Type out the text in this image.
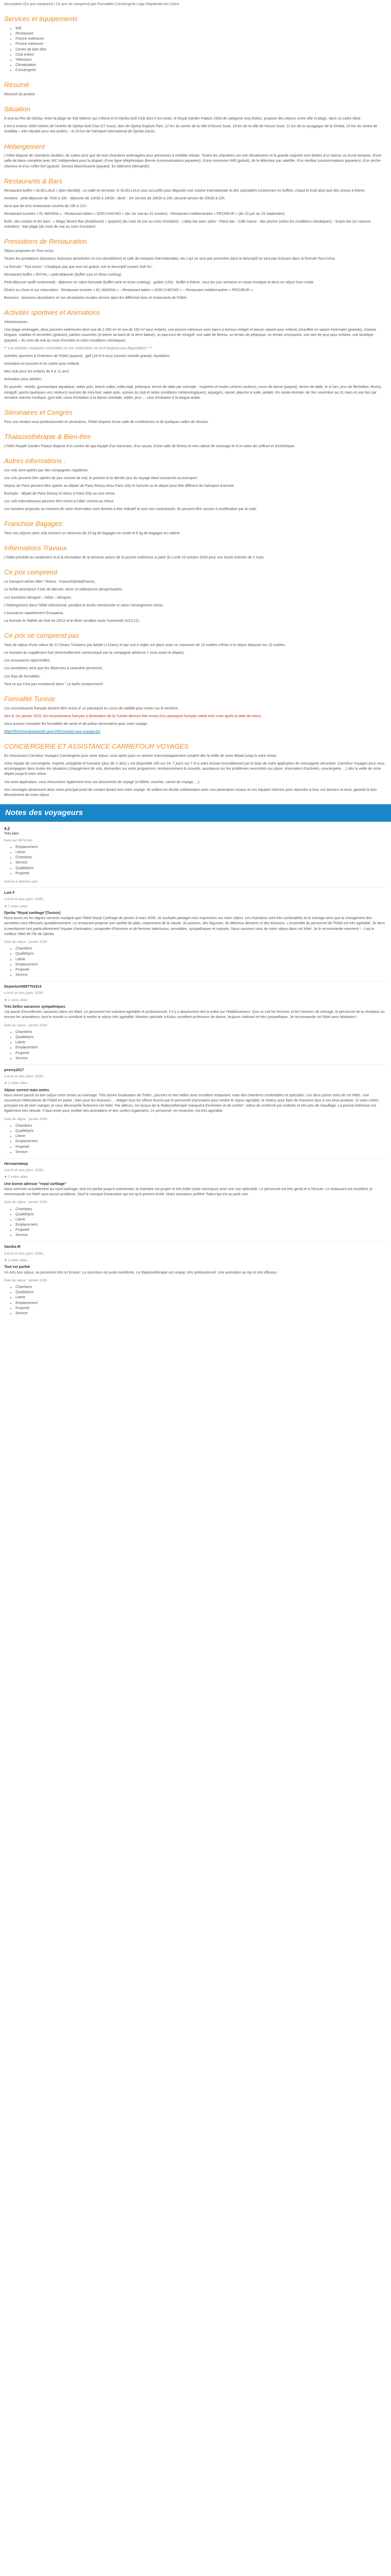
Description (Ce prix comprend / Ce prix ne comprend pas Formalités Conciergerie Loge Hispahotel Ain Client

Services et équipements
• Wifi
• Restaurant
• Piscine extérieure
• Piscine intérieure
• Centre de bien être
• Club enfant
• Télévision
• Climatisation
• Conciergerie
Résumé

Résumé du produit

Situation

À tout au Fès de Djerba, entre la plage de Sidi Mahrez qui s’étend et le Djerba Golf Club dont il est voisin, le Royal Garden Palace, hôtel de catégorie cinq étoiles, propose des séjours entre ville et plage, dans un cadre idéal.

Il est à environ 3000 mètres de l’entrée de Djerba Golf Club (27 trous), 3km de Djerba Explore Park, 12 km du centre de la ville d’Houmt Souk, 19 km de la ville de Houmt Souk, 21 km de la synagogue de la Ghriba, 24 km du centre de Guellala – très réputée pour ses potiers – et 29 km de l’aéroport international de Djerba-Zarzis.

Hébergement

L’hôtel dispose de chambres doubles, de suites ainsi que de trois chambres aménagées pour personnes à mobilité réduite. Toutes les chambres ont une climatisation et la grande majorité sont dotées d’un balcon ou d’une terrasse, d’une salle de bains complète avec WC indépendant pour la plupart, d’une ligne téléphonique directe (communications payantes), d’une connexion Wifi (gratuit), de la télévision par satellite, d’un minibar (consommations payantes), d’un sèche-cheveux et d’un coffre-fort (gratuit). Service blanchisserie (payant). En bâtiment (demande).

Restaurants & Bars

Restaurant buffet « OLIELLALA » (bien familial) : un salle en terrasse, le OLIELLALA vous accueille pour déguster une cuisine internationale et des spécialités tunisiennes en buffets, chaud et froid ainsi que des shows à thème.

Horaires : petit-déjeuner de 7h30 à 10h - déjeuner de 12h30 à 14h30 - diner : 1er service de 18h30 à 20h, second service de 20h30 à 22h.

Ainsi que de trois restaurants ouverts de 19h à 21h :

Restaurant tunisien « EL MAHDIA » - Restaurant italien « DON CHICHIO » (de 1er mai au 31 octobre) - Restaurant méditerranéen « PECHEUR » (du 15 juin au 15 septembre).

Enfin, des snacks et les bars : « Magic Beach Bar (Andalouse) » (payant) (du mois de juin au mois d’octobre) - Lobby bar avec salon - Piano bar - Café maure - Bar piscine (selon les conditions climatiques) - Snack bar (en saisons estivales) - Bar plage (du mois de mai au mois d’octobre)

Prestations de Restauration

Séjour proposés en Tout inclus.

Toutes les prestations (boissons, boissons alcoolisées et non-alcoolisées) et café de marques internationales, etc.) qui ne sont pas précisées dans le descriptif ne sont pas incluses dans la formule Tout inclus.

La formule " Tout inclus " n’implique pas que tout est gratuit, voir le descriptif suivant Soft Inc :

Restaurant buffet « ROYAL » petit-déjeuner (buffet suivi et show cooking)

Petit-déjeuner tardif continental) - déjeuner en salon forestale (buffet varié et show cooking) - goûter (15h) - Buffet à thème : tous les jour semaine un repas exotique et deux en séjour hors mode.

Dîners au choix et sur réservation : Restaurant tunisien « EL MAHDIA » – Restaurant italien « DON CHICHIO » – Restaurant méditerranéen « PECHEUR ».

Boissons : boissons alcoolisées et non alcoolisées locales servies dans les différents bars et restaurants de l’hôtel.

Activités sportives et Animations

Infrastructures :

Une plage aménagée, deux piscines extérieures dont une de 2 000 m² et une de 150 m² pour enfants, une piscine intérieure avec bains à remous intégré et bassin séparé pour enfants (chauffée en saison hivernale) (gratuits), chaises longues, matelas et serviettes (gratuits), parties couvertes (à retenir au bord de la terre battue), un parcours de minigolf, une salle de fitness, un terrain de pétanque, un terrain omnisports, une aire de jeux pour enfants, une boutique (payant) – du mois de mai au mois d’octobre et selon conditions climatiques.

** Les activités nautiques motorisées et non motorisées ne sont toujours pas disponibles** **

Activités sportives à l’extérieur de l’hôtel (payant) : golf (18 et 9 trou) (service navette gratuit), équitation.

Animation en journée et en soirée pour enfants

Mini club pour les enfants de 4 à 12 ans/

Animation pour adultes :

En journée : réveils, gymnastique aquatique, water polo, beach volley, volley-ball, pétanque, tennis de table par exemple - inspirées et toutes centres couleurs, cours de danse (payant), tennis de table, tir à l’arc, jeux de fléchettes, fitness, minigolf, sports (quelques-uns moteurs) tournois de mini-foot, water polo, scènes du club et selon conditions météorologiques), aquagym, canoë, planche à voile, pédalo. En soirée Animée, de 3ec novembre au 31 mars et une fois par semaine marche nordique, gym ball, cours d’initiation à la danse orientale, tobbe, jeux … cour d’initiation à la langue arabe.

Séminaires et Congrès

Pour vos rendez-vous professionnels et séminaires, l’hôtel dispose d’une salle de conférences et de quelques salles de réunion.

Thalassothérapie & Bien-être

L’hôtel Royale Garden Palace dispose d’un centre de spa équipé d’un hammam, d’un sauna, d’une salle de fitness et met cabine de massage et d’un salon de coiffure et d’esthétique.

Autres informations :

Les vols sont opérés par des compagnies régulières.

Les vols peuvent être opérés de jour comme de nuit, le premier et le dernier jour du voyage étant consacrés au transport.

Depuis de Paris peuvent être opérés au départ de Paris Roissy et/ou Paris Orly et l’arrivée ou le départ peut être différent de l’aéroport d’arrivée.

Exemple : départ de Paris Roissy et retour à Paris Orly ou vice-versa.

Les vols internationaux peuvent être munis à l’aller comme au retour.

Les horaires proposés au moment de votre réservation sont donnés à titre indicatif et sont non contractuels. Ils peuvent être soumis à modification par la suite.

Franchise Bagages:

Tous nos séjours avec vols incluent un minimum de 23 kg de bagages en soute et 6 kg de bagages en cabine.

Informations Travaux

L’hôtel procède au ravalement et à la rénovation de la terrasse autour de la piscine extérieure à partir du Lundi 19 octobre 2026 pour une durée estimée de 2 mois.

Ce prix comprend

Le transport aérien Aller / Retour : France/Djerba/France,

Le forfait assistance 3 kits de bienver, taxes et redevances aéroportuaires.

Les transferts Aéroport – Hôtel – Aéroport,

L’hébergement dans l’hôtel sélectionné, pendant la durée mentionnée et selon l’arrangement choisi,

L’assurance rapatriement Groupama,

La formule en fidélité de Nuit (et 24/12 et le dîner recalbre toute l’université 2r/11/12).

Ce prix ne comprend pas

Taxe de séjour d’une valeur de 12 Dinars Tunisiens par Adulte (+12ans) et par nuit à régler sur place avec un maximum de 10 nuitées même si le séjour dépasse les 10 nuitées

Le montant du supplément fuel (éventuellement communiqué par la compagnie aérienne 1 mois avant le départ),

Les assurances optionnelles,

Les pourboires ainsi que les dépenses à caractère personnel,

Les frais de formalités.

Tout ce qui n’est pas mentionné dans " Le tarifs comprennent".

Formalité Tunisie

Les ressortissants français doivent être munis d’ un passeport en cours de validité pour entrer sur le territoire.

Dès le 1er janvier 2025, les ressortissants français à destination de la Tunisie devront être munis d’un passeport français valide trois mois après la date de retour.

Vous pouvez consulter les formalités de santé et de police nécessaires pour votre voyage :

http//Ofichenesdivpasesle.gouv.fr/fr/conseils-aux-voyageurs/

CONCIERGERIE ET ASSISTANCE CARREFOUR VOYAGES

En choisissant Carrefour Voyages Conciergerie pour votre séjour, vous optez pour un service d’accompagnement complet dès la veille de votre départ jusqu’à votre retour.

Votre équipe de conciergerie, experte, polyglotte et humaine (plus de ½ des) 1 est disponible 24h sur 24, 7 jours sur 7 et à votre écoute inconditionnel par le biais de notre application de messagerie sécurisée. Carrefour Voyages pour vous accompagner dans toutes les situations (changement de vols, demandes sur votre programme, remboursement & conseils, assistance sur les problèmes rencontrés sur place, réservation d’activités, conciergerie, ...) dès la veille de votre départ jusqu’à votre retour.

Via votre application, vous retrouverez également tous vos documents de voyage (e-billets, voucher, carnet de voyage, ...).

Vos conseiges deviennent alors votre principal point de contact durant tout votre voyage. Ils veillent en étroite collaboration avec nos partenaires locaux et nos équipes internes pour répondre à tous vos besoins et ainsi, garantir le bon déroulement de votre séjour.

Notes des voyageurs
4.2
Très bien
basé sur 3676 Avis
• Emplacement
• Literie
• Chambres
• Service
• Qualité/prix
• Propreté
Voir les 5 derniers avis
Luie F
a écrit un avis (janv. 2026)
★ 2 votes utiles
Djerba "Royal carthage"(Tunisie)

Nous avons eu les dignes services souligné que l’hôtel Royal Carthage de janvier à mars 2026. Je souhaite partager mon impression sur notre séjour. Les chambres sont très confortables et le ménage ainsi que la changement des serviettes sont effectués quotidiennement. Le restaurant propose une variété de plats, notamment de la viande, du poisson, des légumes, de délicieux desserts et des boissons. L’ensemble du personnel de l’hôtel est très agréable. Je tiens à mentionner tout particulièrement l’équipe d’animation, composée d’hommes et de femmes talentueux, serviables, sympathiques et reposés. Nous sommes ravis de notre séjour dans cet hôtel. Je le recommande vivement ! - Lisa le meilleur hôtel de l’île de Djerba.

Date du séjour : janvier 2026
• Chambres
• Qualité/prix
• Literie
• Emplacement
• Propreté
• Service
Departure5887751914
a écrit un avis (janv. 2026)
★ 1 votes utiles
Très belles vacances sympathiques

J’ai passé d’excellentes vacances dans cet hôtel. Le personnel est vraiment agréable et professionnel, il n’y a absolument rien à redire sur l’établissement. Que ce soit les femmes et les hommes de ménage, le personnel de la réception ou encore les animateurs, tout le monde a contribué à rendre le séjour très agréable. Mention spéciale à Koluv, excellent professeur de danse, toujours motivant et très sympathique. Je recommande cet hôtel sans hésitation !

Date du séjour : janvier 2026
• Chambres
• Qualité/prix
• Literie
• Emplacement
• Propreté
• Service
pevery2017
a écrit un avis (janv. 2026)
★ 1 votes utiles
Séjour correct mais amies

Nous avons passé un bon séjour entre amies au Karlsage. Très bonne localisation de l’hôtel , piscines et mer belles avec excellent restaurant, mais des chambres confortables et spéciales. Les deux points noirs de cet hôtel : une couverture hétérodonte de l’hôtel en partie ; bien pour les boissons … Malgré tous les efforts fournis par le personnel d’animation pour rendre le séjour agréable, le moteur pour faire de réactions face à ces lieux produits. Si votre critère principal est de bien manger, je vous déconseille fortement cet hôtel. Par ailleurs, les locaux de la thalassothérapie manquent d’entretien et de confort : odeur de renfermé par endroits et très peu de chauffage. La piscine intérieure est également très vétuste. Il faut rester pour profiter des animations et des sorties organisées. Le personnel, en revanche, est très agréable.

Date du séjour : janvier 2026
• Chambres
• Qualité/prix
• Literie
• Emplacement
• Propreté
• Service
Hermanniwop
a écrit un avis (janv. 2026)
★ 2 votes utiles
Une bonne adresse "royal carthage"

Nous sommes actuellement au royal karthage, tout est parfait jusqu’à maintenant, la chambre est propre et très belle (style moresque) avec une vue splendide. Le personnel est très gentil et à l’écoute. Le restaurant est excellent, je recommande cet hôtel sans aucun problème. Sauf le manque d’animation qui est qu’à présent limité. Notre animateur préféré "halou"qui est au petit soin.

Date du séjour : janvier 2026
• Chambres
• Qualité/prix
• Literie
• Emplacement
• Propreté
• Service
Sandra M
a écrit un avis (janv. 2026)
★ 1 votes utiles
Tout est parfait

Un très bon séjour, un personnel très à l’écoute. La nourriture est juste excellente. La thalassothérapie est unique, très professionnel. Une animation au top et très efficace.

Date du séjour : janvier 2026
• Chambres
• Qualité/prix
• Literie
• Emplacement
• Propreté
• Service
